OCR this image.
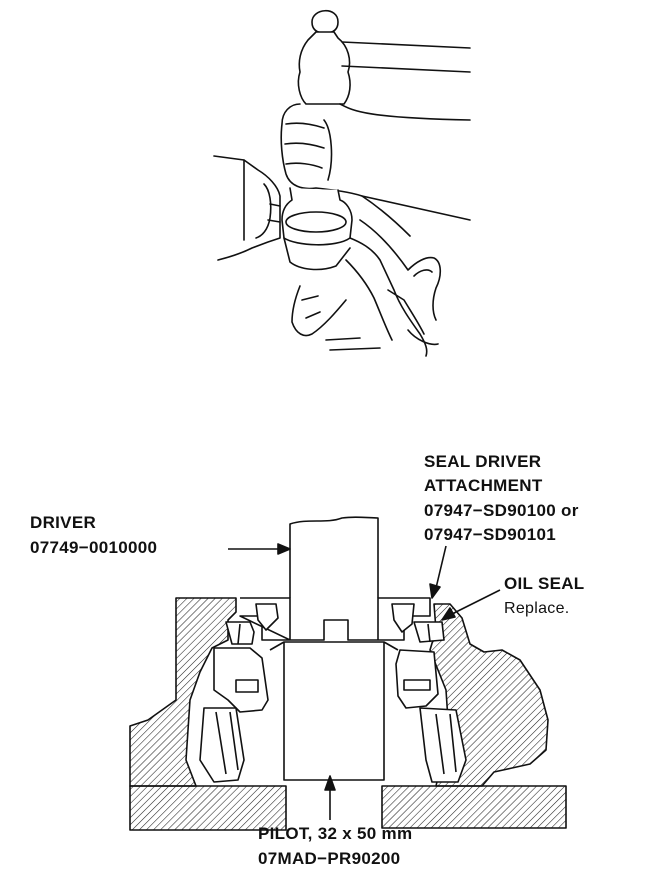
DRIVER
07749−0010000
SEAL DRIVER
ATTACHMENT
07947−SD90100 or
07947−SD90101
OIL SEAL
Replace.
PILOT, 32 x 50 mm
07MAD−PR90200
